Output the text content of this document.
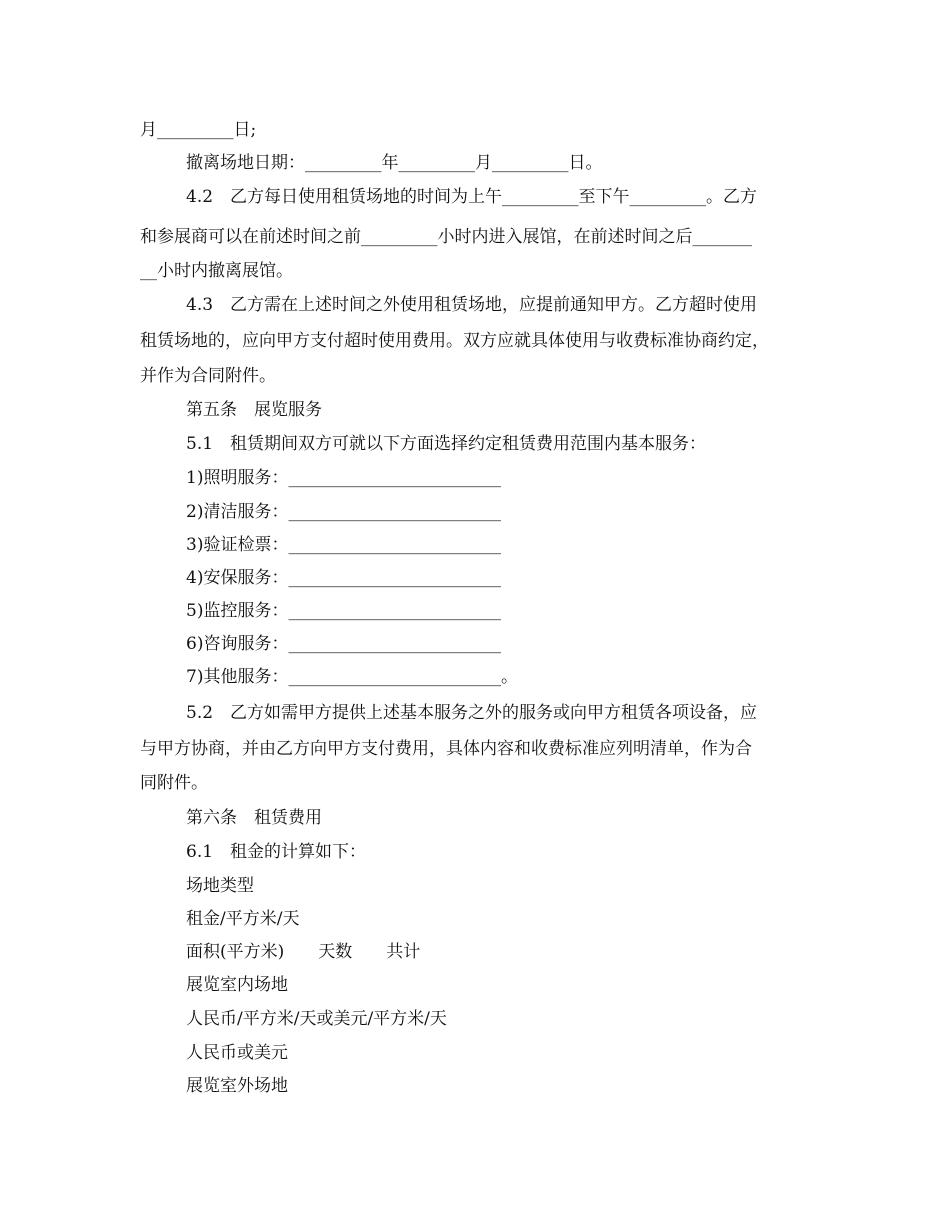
月_________日;
撤离场地日期：_________年_________月_________日。
4.2　乙方每日使用租赁场地的时间为上午_________至下午_________。乙方
和参展商可以在前述时间之前_________小时内进入展馆，在前述时间之后_______
__小时内撤离展馆。
4.3　乙方需在上述时间之外使用租赁场地，应提前通知甲方。乙方超时使用
租赁场地的，应向甲方支付超时使用费用。双方应就具体使用与收费标准协商约定，
并作为合同附件。
第五条　展览服务
5.1　租赁期间双方可就以下方面选择约定租赁费用范围内基本服务：
1)照明服务：_________________________
2)清洁服务：_________________________
3)验证检票：_________________________
4)安保服务：_________________________
5)监控服务：_________________________
6)咨询服务：_________________________
7)其他服务：_________________________。
5.2　乙方如需甲方提供上述基本服务之外的服务或向甲方租赁各项设备，应
与甲方协商，并由乙方向甲方支付费用，具体内容和收费标准应列明清单，作为合
同附件。
第六条　租赁费用
6.1　租金的计算如下：
场地类型
租金/平方米/天
面积(平方米)　　天数　　共计
展览室内场地
人民币/平方米/天或美元/平方米/天
人民币或美元
展览室外场地
